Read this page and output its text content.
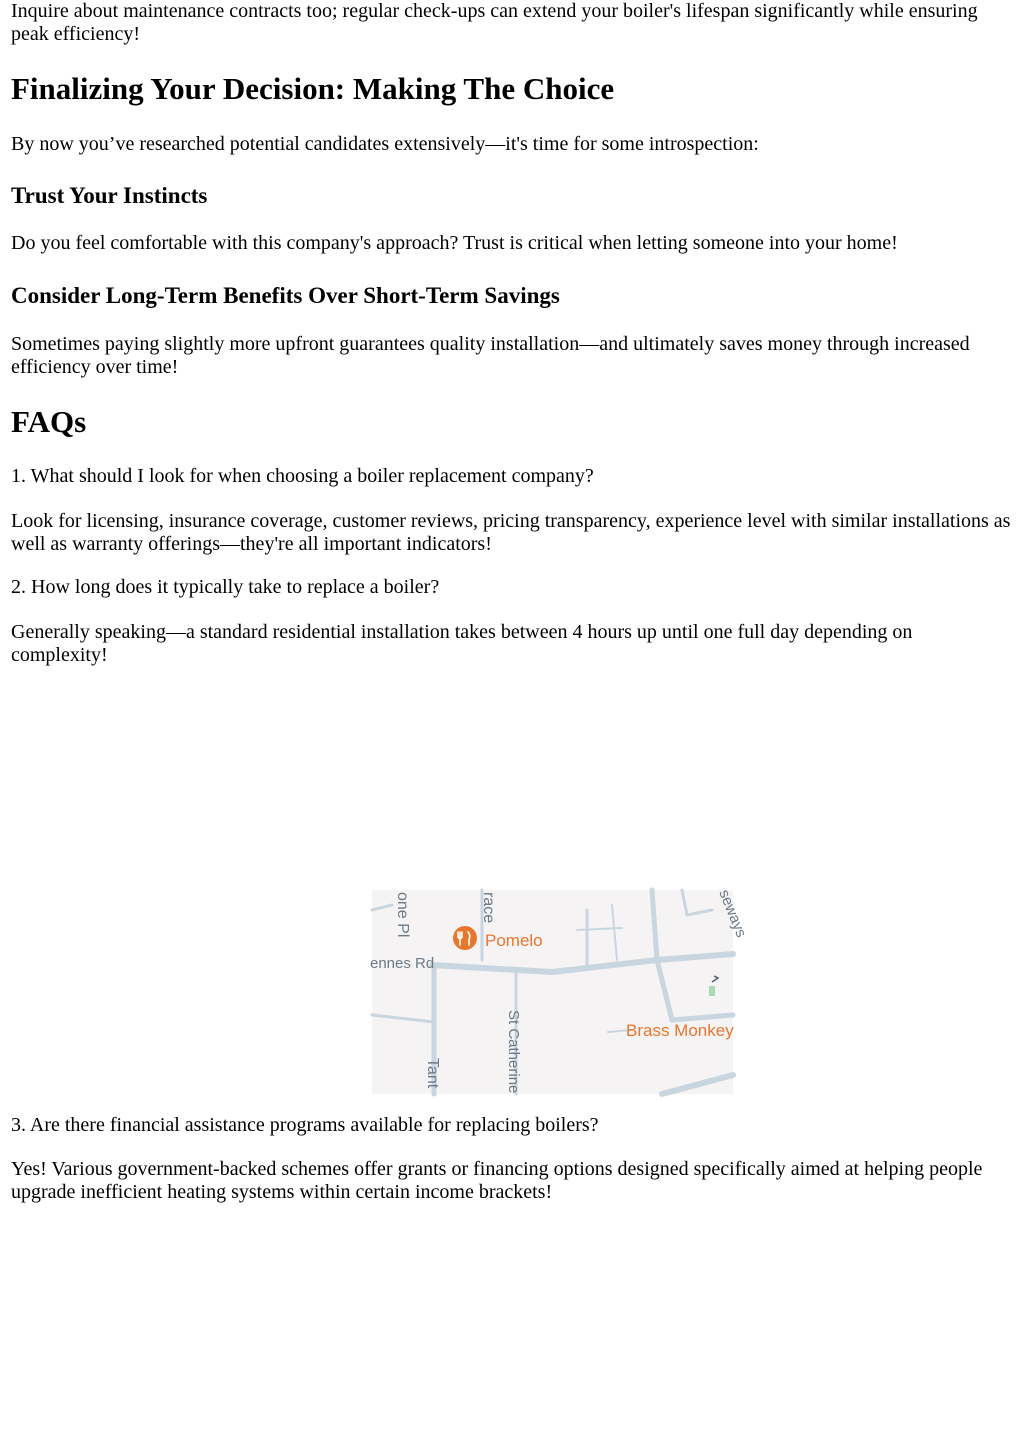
Inquire about maintenance contracts too; regular check-ups can extend your boiler's lifespan significantly while ensuring peak efficiency!

Finalizing Your Decision: Making The Choice

By now you’ve researched potential candidates extensively—it's time for some introspection:

Trust Your Instincts

Do you feel comfortable with this company's approach? Trust is critical when letting someone into your home!

Consider Long-Term Benefits Over Short-Term Savings

Sometimes paying slightly more upfront guarantees quality installation—and ultimately saves money through increased efficiency over time!

FAQs

1. What should I look for when choosing a boiler replacement company?

Look for licensing, insurance coverage, customer reviews, pricing transparency, experience level with similar installations as well as warranty offerings—they're all important indicators!

2. How long does it typically take to replace a boiler?

Generally speaking—a standard residential installation takes between 4 hours up until one full day depending on complexity!

Pomelo
Brass Monkey
one Pl	race
ennes Rd
St Catherine
Tant
seways

3. Are there financial assistance programs available for replacing boilers?

Yes! Various government-backed schemes offer grants or financing options designed specifically aimed at helping people upgrade inefficient heating systems within certain income brackets!
